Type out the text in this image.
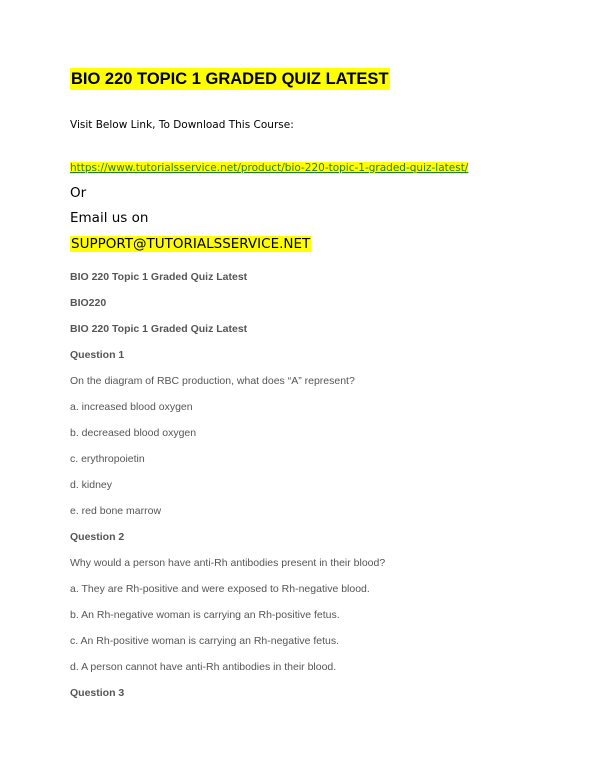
BIO 220 TOPIC 1 GRADED QUIZ LATEST
Visit Below Link, To Download This Course:
https://www.tutorialsservice.net/product/bio-220-topic-1-graded-quiz-latest/
Or
Email us on
SUPPORT@TUTORIALSSERVICE.NET
BIO 220 Topic 1 Graded Quiz Latest
BIO220
BIO 220 Topic 1 Graded Quiz Latest
Question 1
On the diagram of RBC production, what does “A” represent?
a. increased blood oxygen
b. decreased blood oxygen
c. erythropoietin
d. kidney
e. red bone marrow
Question 2
Why would a person have anti-Rh antibodies present in their blood?
a. They are Rh-positive and were exposed to Rh-negative blood.
b. An Rh-negative woman is carrying an Rh-positive fetus.
c. An Rh-positive woman is carrying an Rh-negative fetus.
d. A person cannot have anti-Rh antibodies in their blood.
Question 3
